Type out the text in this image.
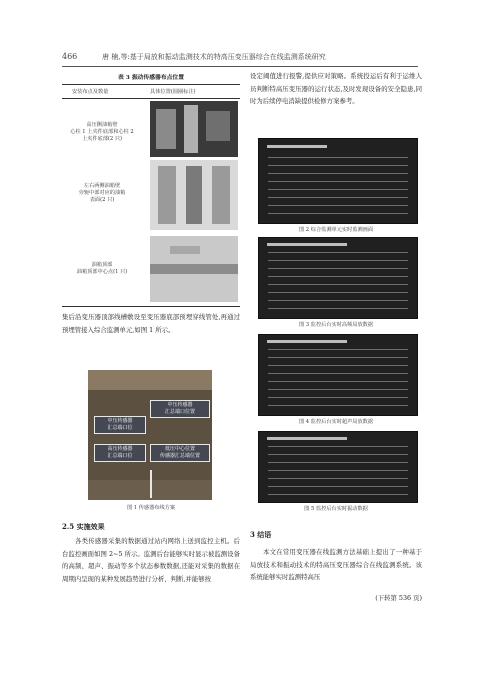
466	唐 楠,等:基于局放和振动监测技术的特高压变压器综合在线监测系统研究
表 3 振动传感器布点位置
安装布点及数量	具体位置(圆圈标注)
高压侧油箱壁
心柱 1 上夹件底部和心柱 2
上夹件底部(2 只)
左右两侧油箱壁
旁轭中部对应的油箱
表面(2 只)
油箱顶部
油箱顶部中心点(1 只)
集后沿变压器顶部线槽敷设至变压器底部预埋穿线管处,再通过预埋管接入综合监测单元,如图 1 所示。
中压传感器
汇总端口位置
中压传感器
汇总端口位
高压传感器
汇总端口位
低压中心位置
传感器汇总端位置
图 1 传感器布线方案
2.5 实施效果
各类传感器采集的数据通过站内网络上送到监控主机。后台监控画面如图 2~5 所示。监测后台能够实时显示被监测设备的高频、超声、振动等多个状态参数数据,还能对采集的数据在周期内呈现的某种发展趋势进行分析、判断,并能够按
设定阈值进行报警,提供应对策略。系统投运后有利于运维人员判断特高压变压器的运行状态,及时发现设备的安全隐患,同时为后续停电消缺提供检修方案参考。
图 2 综合监测单元实时监测画面
图 3 监控后台实时高频局放数据
图 4 监控后台实时超声局放数据
图 5 监控后台实时振动数据
3 结语
本文在常用变压器在线监测方法基础上提出了一种基于局放技术和振动技术的特高压变压器综合在线监测系统。该系统能够实时监测特高压
(下转第 536 页)
